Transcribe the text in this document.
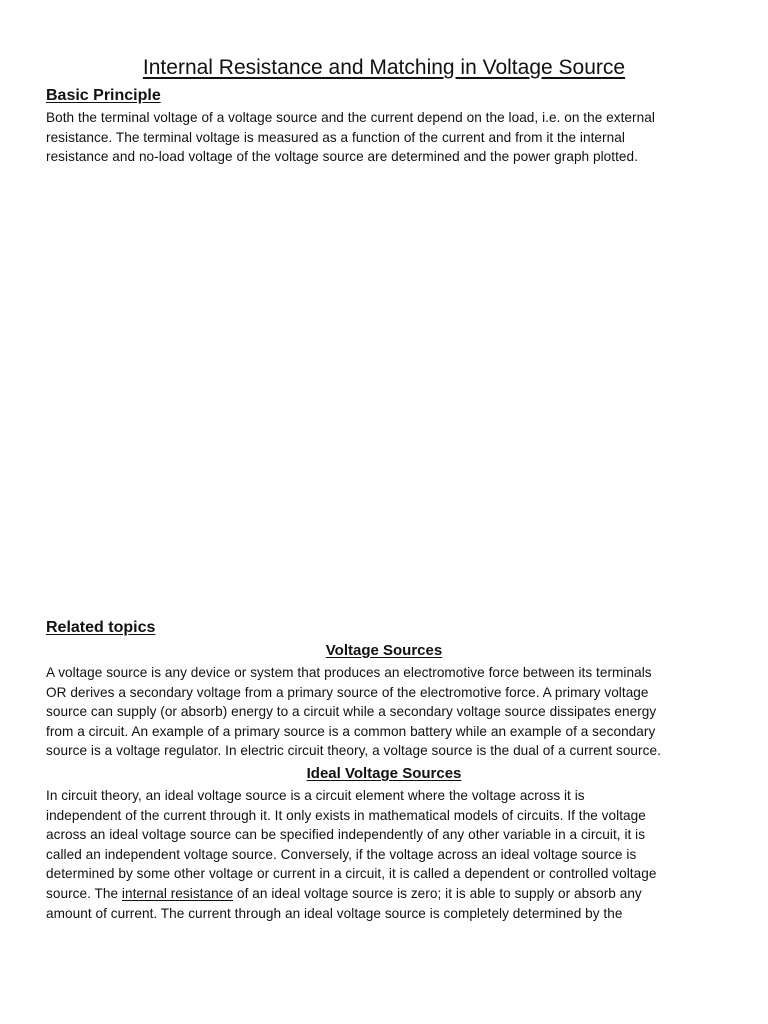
Internal Resistance and Matching in Voltage Source
Basic Principle
Both the terminal voltage of a voltage source and the current depend on the load, i.e. on the external
resistance. The terminal voltage is measured as a function of the current and from it the internal
resistance and no-load voltage of the voltage source are determined and the power graph plotted.
Related topics
Voltage Sources
A voltage source is any device or system that produces an electromotive force between its terminals
OR derives a secondary voltage from a primary source of the electromotive force. A primary voltage
source can supply (or absorb) energy to a circuit while a secondary voltage source dissipates energy
from a circuit. An example of a primary source is a common battery while an example of a secondary
source is a voltage regulator. In electric circuit theory, a voltage source is the dual of a current source.
Ideal Voltage Sources
In circuit theory, an ideal voltage source is a circuit element where the voltage across it is
independent of the current through it. It only exists in mathematical models of circuits. If the voltage
across an ideal voltage source can be specified independently of any other variable in a circuit, it is
called an independent voltage source. Conversely, if the voltage across an ideal voltage source is
determined by some other voltage or current in a circuit, it is called a dependent or controlled voltage
source. The internal resistance of an ideal voltage source is zero; it is able to supply or absorb any
amount of current. The current through an ideal voltage source is completely determined by the
